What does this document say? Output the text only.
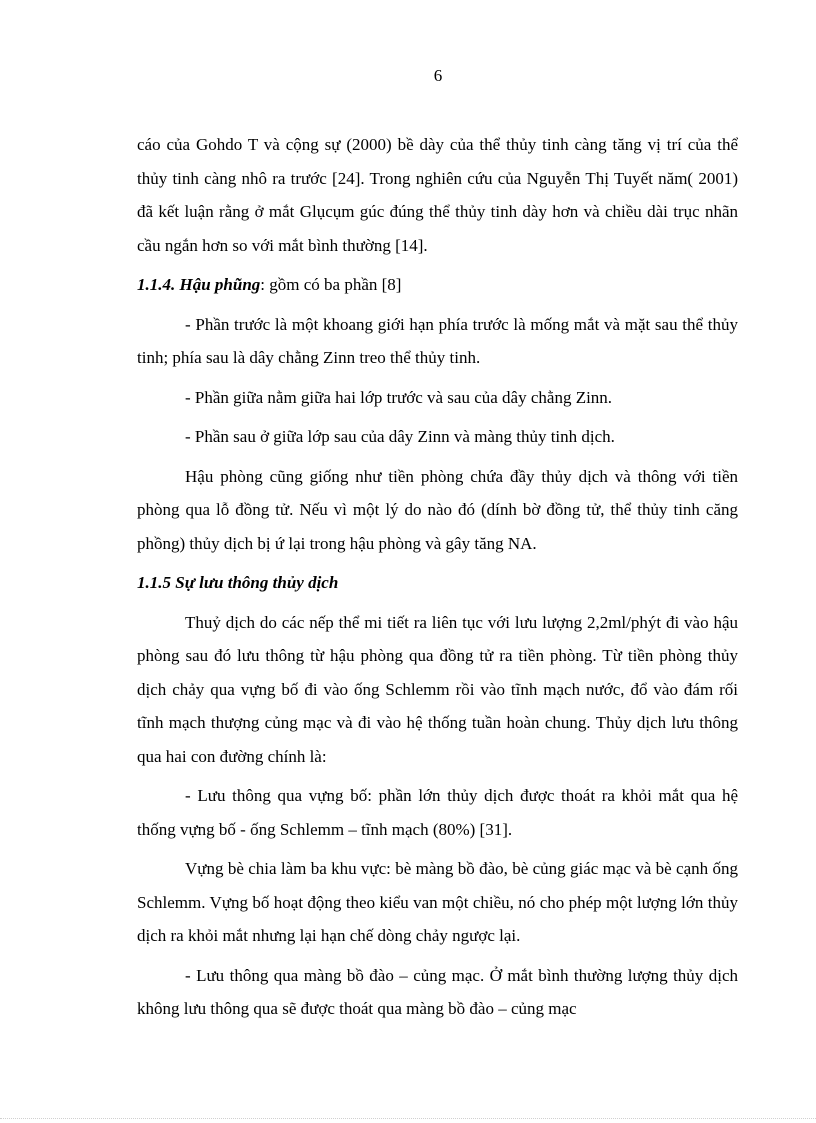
6

cáo của Gohdo T và cộng sự (2000) bề dày của thể thủy tinh càng tăng vị trí của thể thủy tinh càng nhô ra trước [24]. Trong nghiên cứu của Nguyễn Thị Tuyết năm( 2001) đã kết luận rằng ở mắt Glụcụm gúc đúng thể thủy tinh dày hơn và chiều dài trục nhãn cầu ngắn hơn so với mắt bình thường [14].

1.1.4. Hậu phũng: gồm có ba phần [8]

- Phần trước là một khoang giới hạn phía trước là mống mắt và mặt sau thể thủy tinh; phía sau là dây chằng Zinn treo thể thủy tinh.

- Phần giữa nằm giữa hai lớp trước và sau của dây chằng Zinn.

- Phần sau ở giữa lớp sau của dây Zinn và màng thủy tinh dịch.

Hậu phòng cũng giống như tiền phòng chứa đầy thủy dịch và thông với tiền phòng qua lỗ đồng tử. Nếu vì một lý do nào đó (dính bờ đồng tử, thể thủy tinh căng phồng) thủy dịch bị ứ lại trong hậu phòng và gây tăng NA.

1.1.5 Sự lưu thông thủy dịch

Thuỷ dịch do các nếp thể mi tiết ra liên tục với lưu lượng 2,2ml/phýt đi vào hậu phòng sau đó lưu thông từ hậu phòng qua đồng tử ra tiền phòng. Từ tiền phòng thủy dịch chảy qua vựng bố đi vào ống Schlemm rồi vào tĩnh mạch nước, đổ vào đám rối tĩnh mạch thượng củng mạc và đi vào hệ thống tuần hoàn chung. Thủy dịch lưu thông qua hai con đường chính là:

- Lưu thông qua vựng bố: phần lớn thủy dịch được thoát ra khỏi mắt qua hệ thống vựng bố - ống Schlemm – tĩnh mạch (80%) [31].

Vựng bè chia làm ba khu vực: bè màng bồ đào, bè củng giác mạc và bè cạnh ống Schlemm. Vựng bố hoạt động theo kiểu van một chiều, nó cho phép một lượng lớn thủy dịch ra khỏi mắt nhưng lại hạn chế dòng chảy ngược lại.

- Lưu thông qua màng bồ đào – củng mạc. Ở mắt bình thường lượng thủy dịch không lưu thông qua sẽ được thoát qua màng bồ đào – củng mạc
